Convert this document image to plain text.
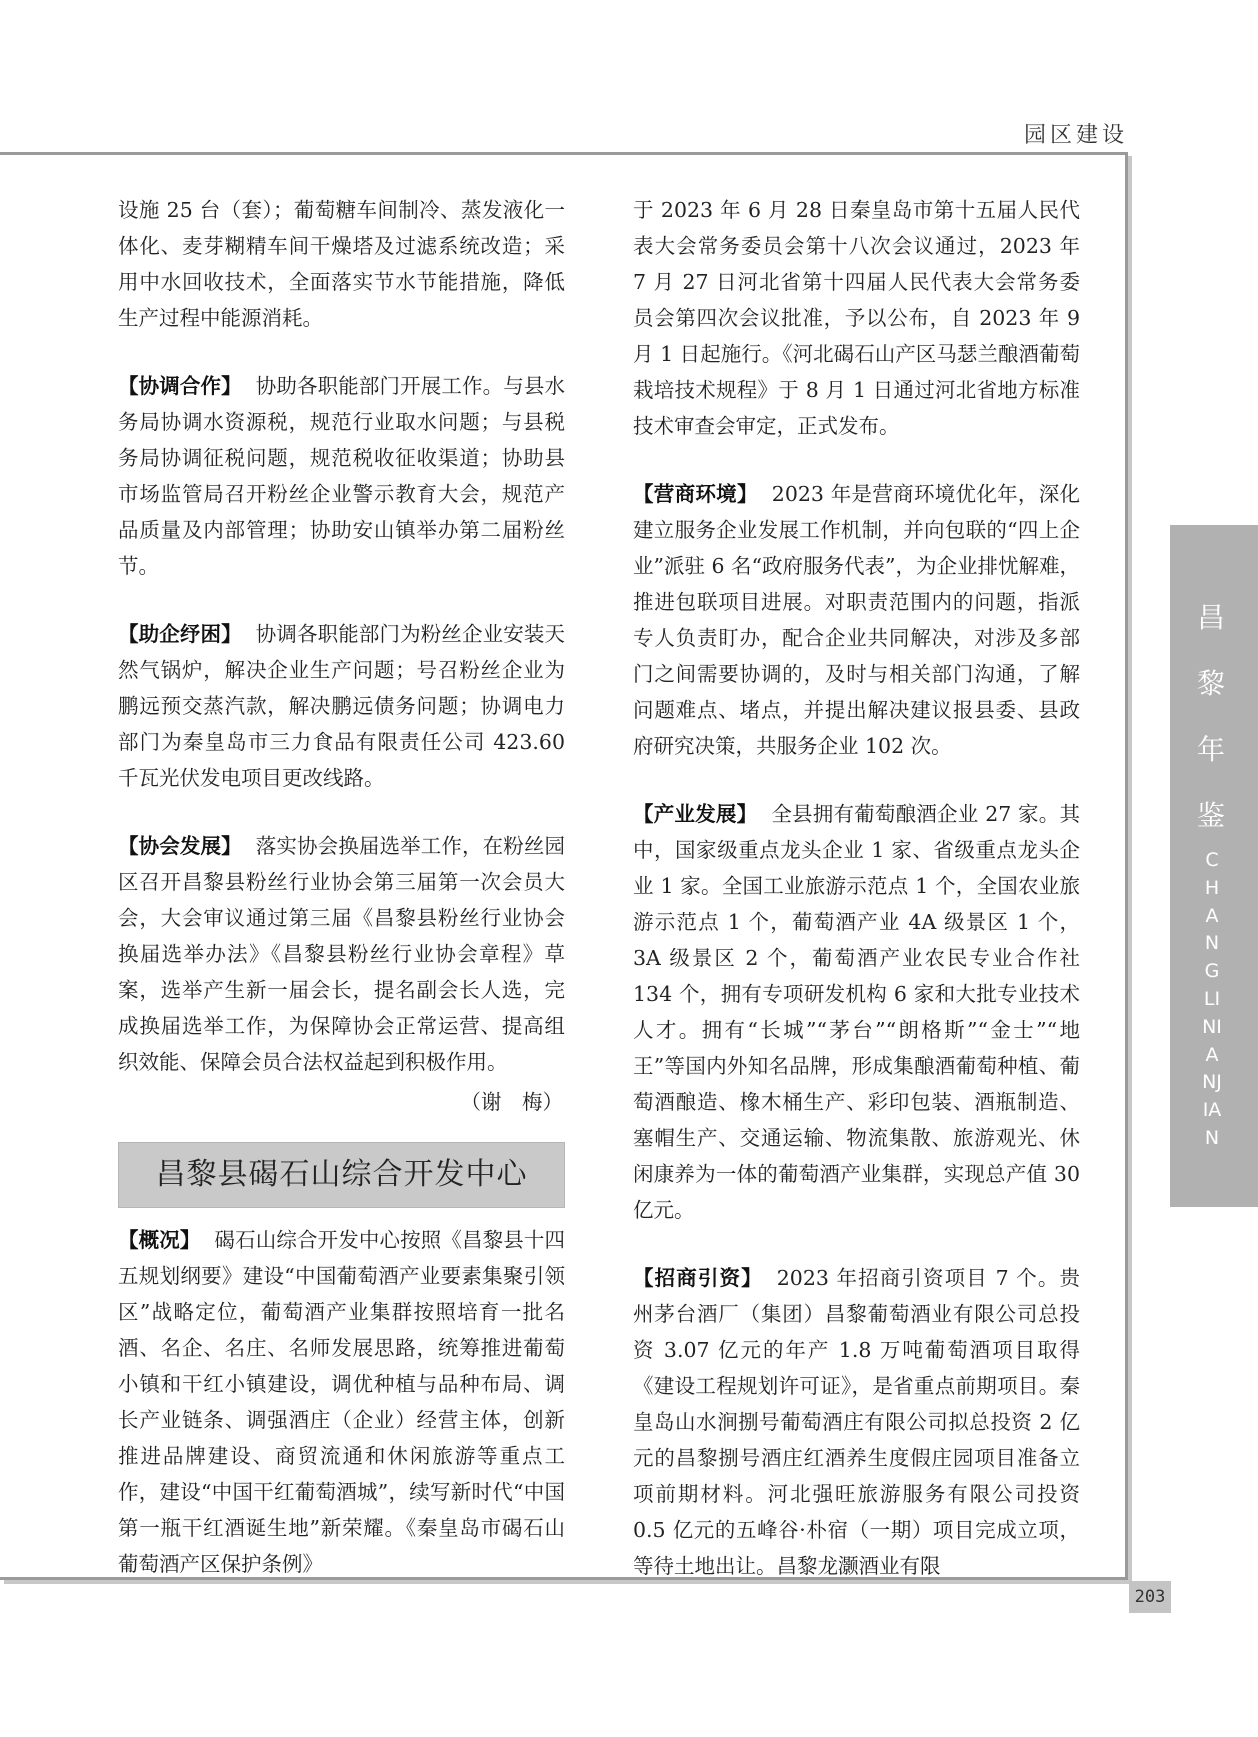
园区建设

设施 25 台（套）；葡萄糖车间制冷、蒸发液化一体化、麦芽糊精车间干燥塔及过滤系统改造；采用中水回收技术，全面落实节水节能措施，降低生产过程中能源消耗。

【协调合作】 协助各职能部门开展工作。与县水务局协调水资源税，规范行业取水问题；与县税务局协调征税问题，规范税收征收渠道；协助县市场监管局召开粉丝企业警示教育大会，规范产品质量及内部管理；协助安山镇举办第二届粉丝节。

【助企纾困】 协调各职能部门为粉丝企业安装天然气锅炉，解决企业生产问题；号召粉丝企业为鹏远预交蒸汽款，解决鹏远债务问题；协调电力部门为秦皇岛市三力食品有限责任公司 423.60 千瓦光伏发电项目更改线路。

【协会发展】 落实协会换届选举工作，在粉丝园区召开昌黎县粉丝行业协会第三届第一次会员大会，大会审议通过第三届《昌黎县粉丝行业协会换届选举办法》《昌黎县粉丝行业协会章程》草案，选举产生新一届会长，提名副会长人选，完成换届选举工作，为保障协会正常运营、提高组织效能、保障会员合法权益起到积极作用。

（谢　梅）

昌黎县碣石山综合开发中心

【概况】 碣石山综合开发中心按照《昌黎县十四五规划纲要》建设“中国葡萄酒产业要素集聚引领区”战略定位，葡萄酒产业集群按照培育一批名酒、名企、名庄、名师发展思路，统筹推进葡萄小镇和干红小镇建设，调优种植与品种布局、调长产业链条、调强酒庄（企业）经营主体，创新推进品牌建设、商贸流通和休闲旅游等重点工作，建设“中国干红葡萄酒城”，续写新时代“中国第一瓶干红酒诞生地”新荣耀。《秦皇岛市碣石山葡萄酒产区保护条例》

于 2023 年 6 月 28 日秦皇岛市第十五届人民代表大会常务委员会第十八次会议通过，2023 年 7 月 27 日河北省第十四届人民代表大会常务委员会第四次会议批准，予以公布，自 2023 年 9 月 1 日起施行。《河北碣石山产区马瑟兰酿酒葡萄栽培技术规程》于 8 月 1 日通过河北省地方标准技术审查会审定，正式发布。

【营商环境】 2023 年是营商环境优化年，深化建立服务企业发展工作机制，并向包联的“四上企业”派驻 6 名“政府服务代表”，为企业排忧解难，推进包联项目进展。对职责范围内的问题，指派专人负责盯办，配合企业共同解决，对涉及多部门之间需要协调的，及时与相关部门沟通，了解问题难点、堵点，并提出解决建议报县委、县政府研究决策，共服务企业 102 次。

【产业发展】 全县拥有葡萄酿酒企业 27 家。其中，国家级重点龙头企业 1 家、省级重点龙头企业 1 家。全国工业旅游示范点 1 个，全国农业旅游示范点 1 个，葡萄酒产业 4A 级景区 1 个，3A 级景区 2 个，葡萄酒产业农民专业合作社 134 个，拥有专项研发机构 6 家和大批专业技术人才。拥有“长城”“茅台”“朗格斯”“金士”“地王”等国内外知名品牌，形成集酿酒葡萄种植、葡萄酒酿造、橡木桶生产、彩印包装、酒瓶制造、塞帽生产、交通运输、物流集散、旅游观光、休闲康养为一体的葡萄酒产业集群，实现总产值 30 亿元。

【招商引资】 2023 年招商引资项目 7 个。贵州茅台酒厂（集团）昌黎葡萄酒业有限公司总投资 3.07 亿元的年产 1.8 万吨葡萄酒项目取得《建设工程规划许可证》，是省重点前期项目。秦皇岛山水涧捌号葡萄酒庄有限公司拟总投资 2 亿元的昌黎捌号酒庄红酒养生度假庄园项目准备立项前期材料。河北强旺旅游服务有限公司投资 0.5 亿元的五峰谷·朴宿（一期）项目完成立项，等待土地出让。昌黎龙灏酒业有限

昌黎年鉴
CHANGLINIANJIAN
203
